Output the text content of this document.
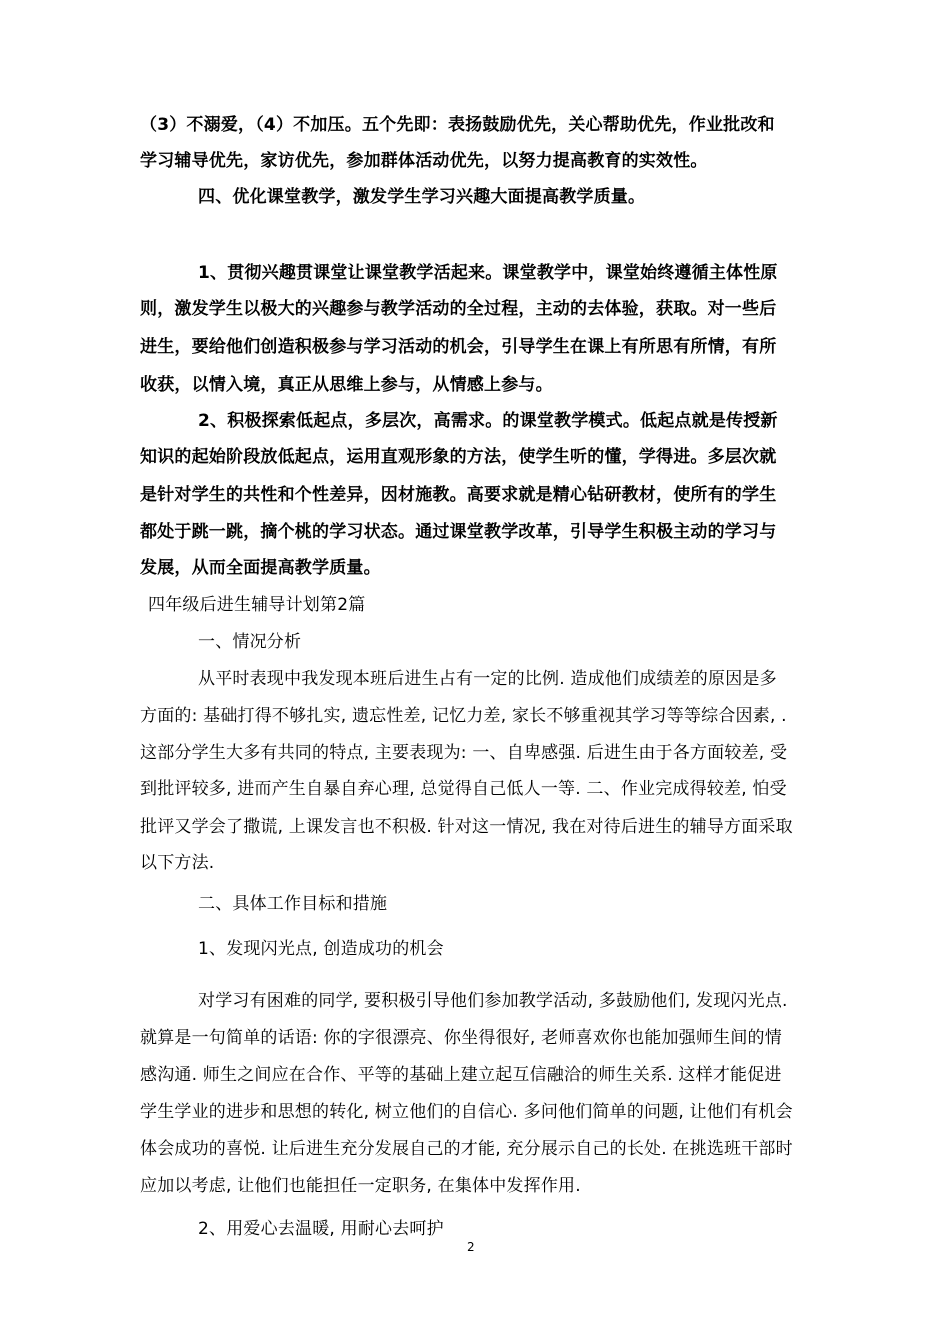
（3）不溺爱，（4）不加压。五个先即：表扬鼓励优先，关心帮助优先，作业批改和
学习辅导优先，家访优先，参加群体活动优先，以努力提高教育的实效性。
四、优化课堂教学，激发学生学习兴趣大面提高教学质量。
1、贯彻兴趣贯课堂让课堂教学活起来。课堂教学中，课堂始终遵循主体性原
则，激发学生以极大的兴趣参与教学活动的全过程，主动的去体验，获取。对一些后
进生，要给他们创造积极参与学习活动的机会，引导学生在课上有所思有所情，有所
收获，以情入境，真正从思维上参与，从情感上参与。
2、积极探索低起点，多层次，高需求。的课堂教学模式。低起点就是传授新
知识的起始阶段放低起点，运用直观形象的方法，使学生听的懂，学得进。多层次就
是针对学生的共性和个性差异，因材施教。高要求就是精心钻研教材，使所有的学生
都处于跳一跳，摘个桃的学习状态。通过课堂教学改革，引导学生积极主动的学习与
发展，从而全面提高教学质量。
四年级后进生辅导计划第2篇
一、情况分析
从平时表现中我发现本班后进生占有一定的比例. 造成他们成绩差的原因是多
方面的: 基础打得不够扎实, 遗忘性差, 记忆力差, 家长不够重视其学习等等综合因素, .
这部分学生大多有共同的特点, 主要表现为: 一、自卑感强. 后进生由于各方面较差, 受
到批评较多, 进而产生自暴自弃心理, 总觉得自己低人一等. 二、作业完成得较差, 怕受
批评又学会了撒谎, 上课发言也不积极. 针对这一情况, 我在对待后进生的辅导方面采取
以下方法.
二、具体工作目标和措施
1、发现闪光点, 创造成功的机会
对学习有困难的同学, 要积极引导他们参加教学活动, 多鼓励他们, 发现闪光点.
就算是一句简单的话语: 你的字很漂亮、你坐得很好, 老师喜欢你也能加强师生间的情
感沟通. 师生之间应在合作、平等的基础上建立起互信融洽的师生关系. 这样才能促进
学生学业的进步和思想的转化, 树立他们的自信心. 多问他们简单的问题, 让他们有机会
体会成功的喜悦. 让后进生充分发展自己的才能, 充分展示自己的长处. 在挑选班干部时
应加以考虑, 让他们也能担任一定职务, 在集体中发挥作用.
2、用爱心去温暖, 用耐心去呵护
2
